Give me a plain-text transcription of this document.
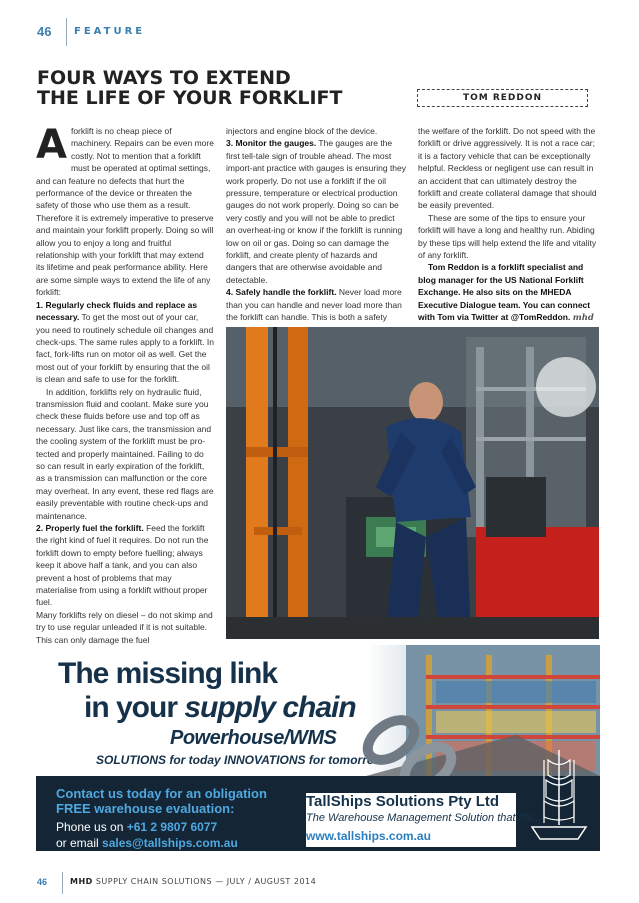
46 FEATURE
FOUR WAYS TO EXTEND
THE LIFE OF YOUR FORKLIFT	TOM REDDON

Aforklift is no cheap piece of machinery. Repairs can be even more costly. Not to mention that a forklift must be operated at optimal settings, and can feature no defects that hurt the performance of the device or threaten the safety of those who use them as a result. Therefore it is extremely imperative to preserve and maintain your forklift properly. Doing so will allow you to enjoy a long and fruitful relationship with your forklift that may extend its lifetime and peak performance ability. Here are some simple ways to extend the life of any forklift:

1. Regularly check fluids and replace as necessary. To get the most out of your car, you need to routinely schedule oil changes and check-ups. The same rules apply to a forklift. In fact, fork-lifts run on motor oil as well. Get the most out of your forklift by ensuring that the oil is clean and safe to use for the forklift.

In addition, forklifts rely on hydraulic fluid, transmission fluid and coolant. Make sure you check these fluids before use and top off as necessary. Just like cars, the transmission and the cooling system of the forklift must be pro-tected and properly maintained. Failing to do so can result in early expiration of the forklift, as a transmission can malfunction or the core may overheat. In any event, these red flags are easily preventable with routine check-ups and maintenance.

2. Properly fuel the forklift. Feed the forklift the right kind of fuel it requires. Do not run the forklift down to empty before fuelling; always keep it above half a tank, and you can also prevent a host of problems that may materialise from using a forklift without proper fuel.

Many forklifts rely on diesel – do not skimp and try to use regular unleaded if it is not suitable. This can only damage the fuel

injectors and engine block of the device.

3. Monitor the gauges. The gauges are the first tell-tale sign of trouble ahead. The most import-ant practice with gauges is ensuring they work properly. Do not use a forklift if the oil pressure, temperature or electrical production gauges do not work properly. Doing so can be very costly and you will not be able to predict an overheat-ing or know if the forklift is running low on oil or gas. Doing so can damage the forklift, and create plenty of hazards and dangers that are otherwise avoidable and detectable.

4. Safely handle the forklift. Never load more than you can handle and never load more than the forklift can handle. This is both a safety

the welfare of the forklift. Do not speed with the forklift or drive aggressively. It is not a race car; it is a factory vehicle that can be exceptionally helpful. Reckless or negligent use can result in an accident that can ultimately destroy the forklift and create collateral damage that should be easily prevented.

These are some of the tips to ensure your forklift will have a long and healthy run. Abiding by these tips will help extend the life and vitality of any forklift.

Tom Reddon is a forklift specialist and blog manager for the US National Forklift Exchange. He also sits on the MHEDA Executive Dialogue team. You can connect with Tom via Twitter at @TomReddon. mhd

The missing link
in your supply chain
Powerhouse/WMS
SOLUTIONS for today INNOVATIONS for tomorrow
Contact us today for an obligation
FREE warehouse evaluation:
Phone us on +61 2 9807 6077
or email sales@tallships.com.au
TallShips Solutions Pty Ltd
The Warehouse Management Solution that fits...
www.tallships.com.au
46	MHD SUPPLY CHAIN SOLUTIONS — JULY / AUGUST 2014
